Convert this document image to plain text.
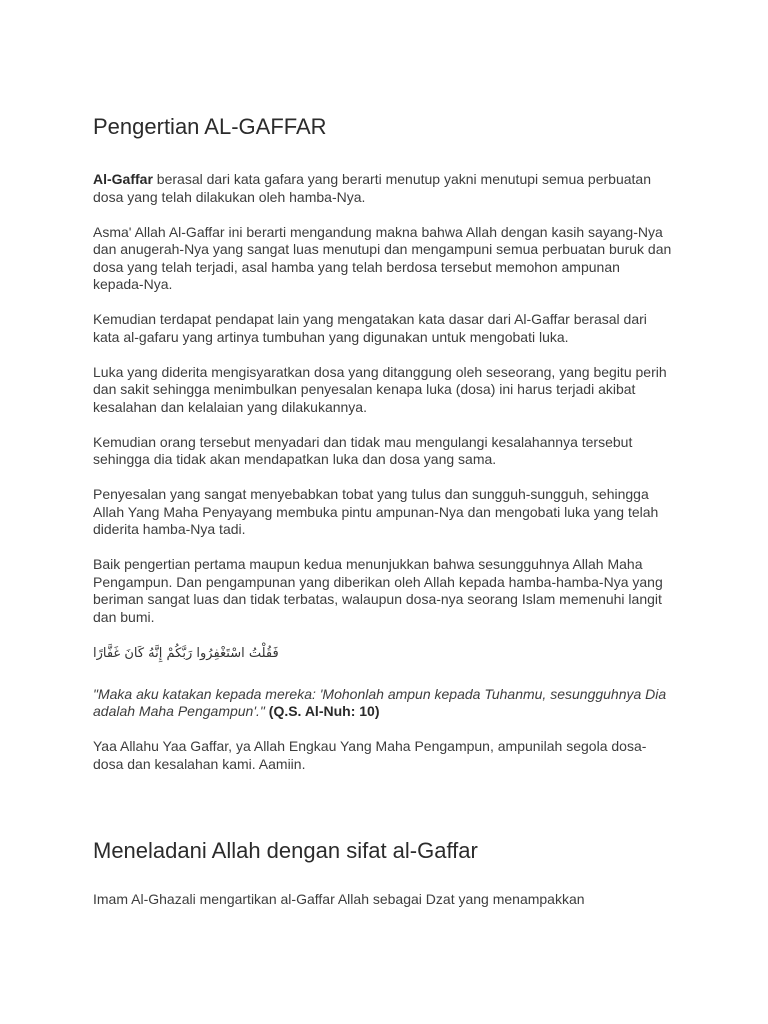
Pengertian AL-GAFFAR

Al-Gaffar berasal dari kata gafara yang berarti menutup yakni menutupi semua perbuatan dosa yang telah dilakukan oleh hamba-Nya.

Asma' Allah Al-Gaffar ini berarti mengandung makna bahwa Allah dengan kasih sayang-Nya dan anugerah-Nya yang sangat luas menutupi dan mengampuni semua perbuatan buruk dan dosa yang telah terjadi, asal hamba yang telah berdosa tersebut memohon ampunan kepada-Nya.

Kemudian terdapat pendapat lain yang mengatakan kata dasar dari Al-Gaffar berasal dari kata al-gafaru yang artinya tumbuhan yang digunakan untuk mengobati luka.

Luka yang diderita mengisyaratkan dosa yang ditanggung oleh seseorang, yang begitu perih dan sakit sehingga menimbulkan penyesalan kenapa luka (dosa) ini harus terjadi akibat kesalahan dan kelalaian yang dilakukannya.

Kemudian orang tersebut menyadari dan tidak mau mengulangi kesalahannya tersebut sehingga dia tidak akan mendapatkan luka dan dosa yang sama.

Penyesalan yang sangat menyebabkan tobat yang tulus dan sungguh-sungguh, sehingga Allah Yang Maha Penyayang membuka pintu ampunan-Nya dan mengobati luka yang telah diderita hamba-Nya tadi.

Baik pengertian pertama maupun kedua menunjukkan bahwa sesungguhnya Allah Maha Pengampun. Dan pengampunan yang diberikan oleh Allah kepada hamba-hamba-Nya yang beriman sangat luas dan tidak terbatas, walaupun dosa-nya seorang Islam memenuhi langit dan bumi.

فَقُلْتُ اسْتَغْفِرُوا رَبَّكُمْ إِنَّهُ كَانَ غَفَّارًا

"Maka aku katakan kepada mereka: 'Mohonlah ampun kepada Tuhanmu, sesungguhnya Dia adalah Maha Pengampun'." (Q.S. Al-Nuh: 10)

Yaa Allahu Yaa Gaffar, ya Allah Engkau Yang Maha Pengampun, ampunilah segola dosa-dosa dan kesalahan kami. Aamiin.

Meneladani Allah dengan sifat al-Gaffar

Imam Al-Ghazali mengartikan al-Gaffar Allah sebagai Dzat yang menampakkan
